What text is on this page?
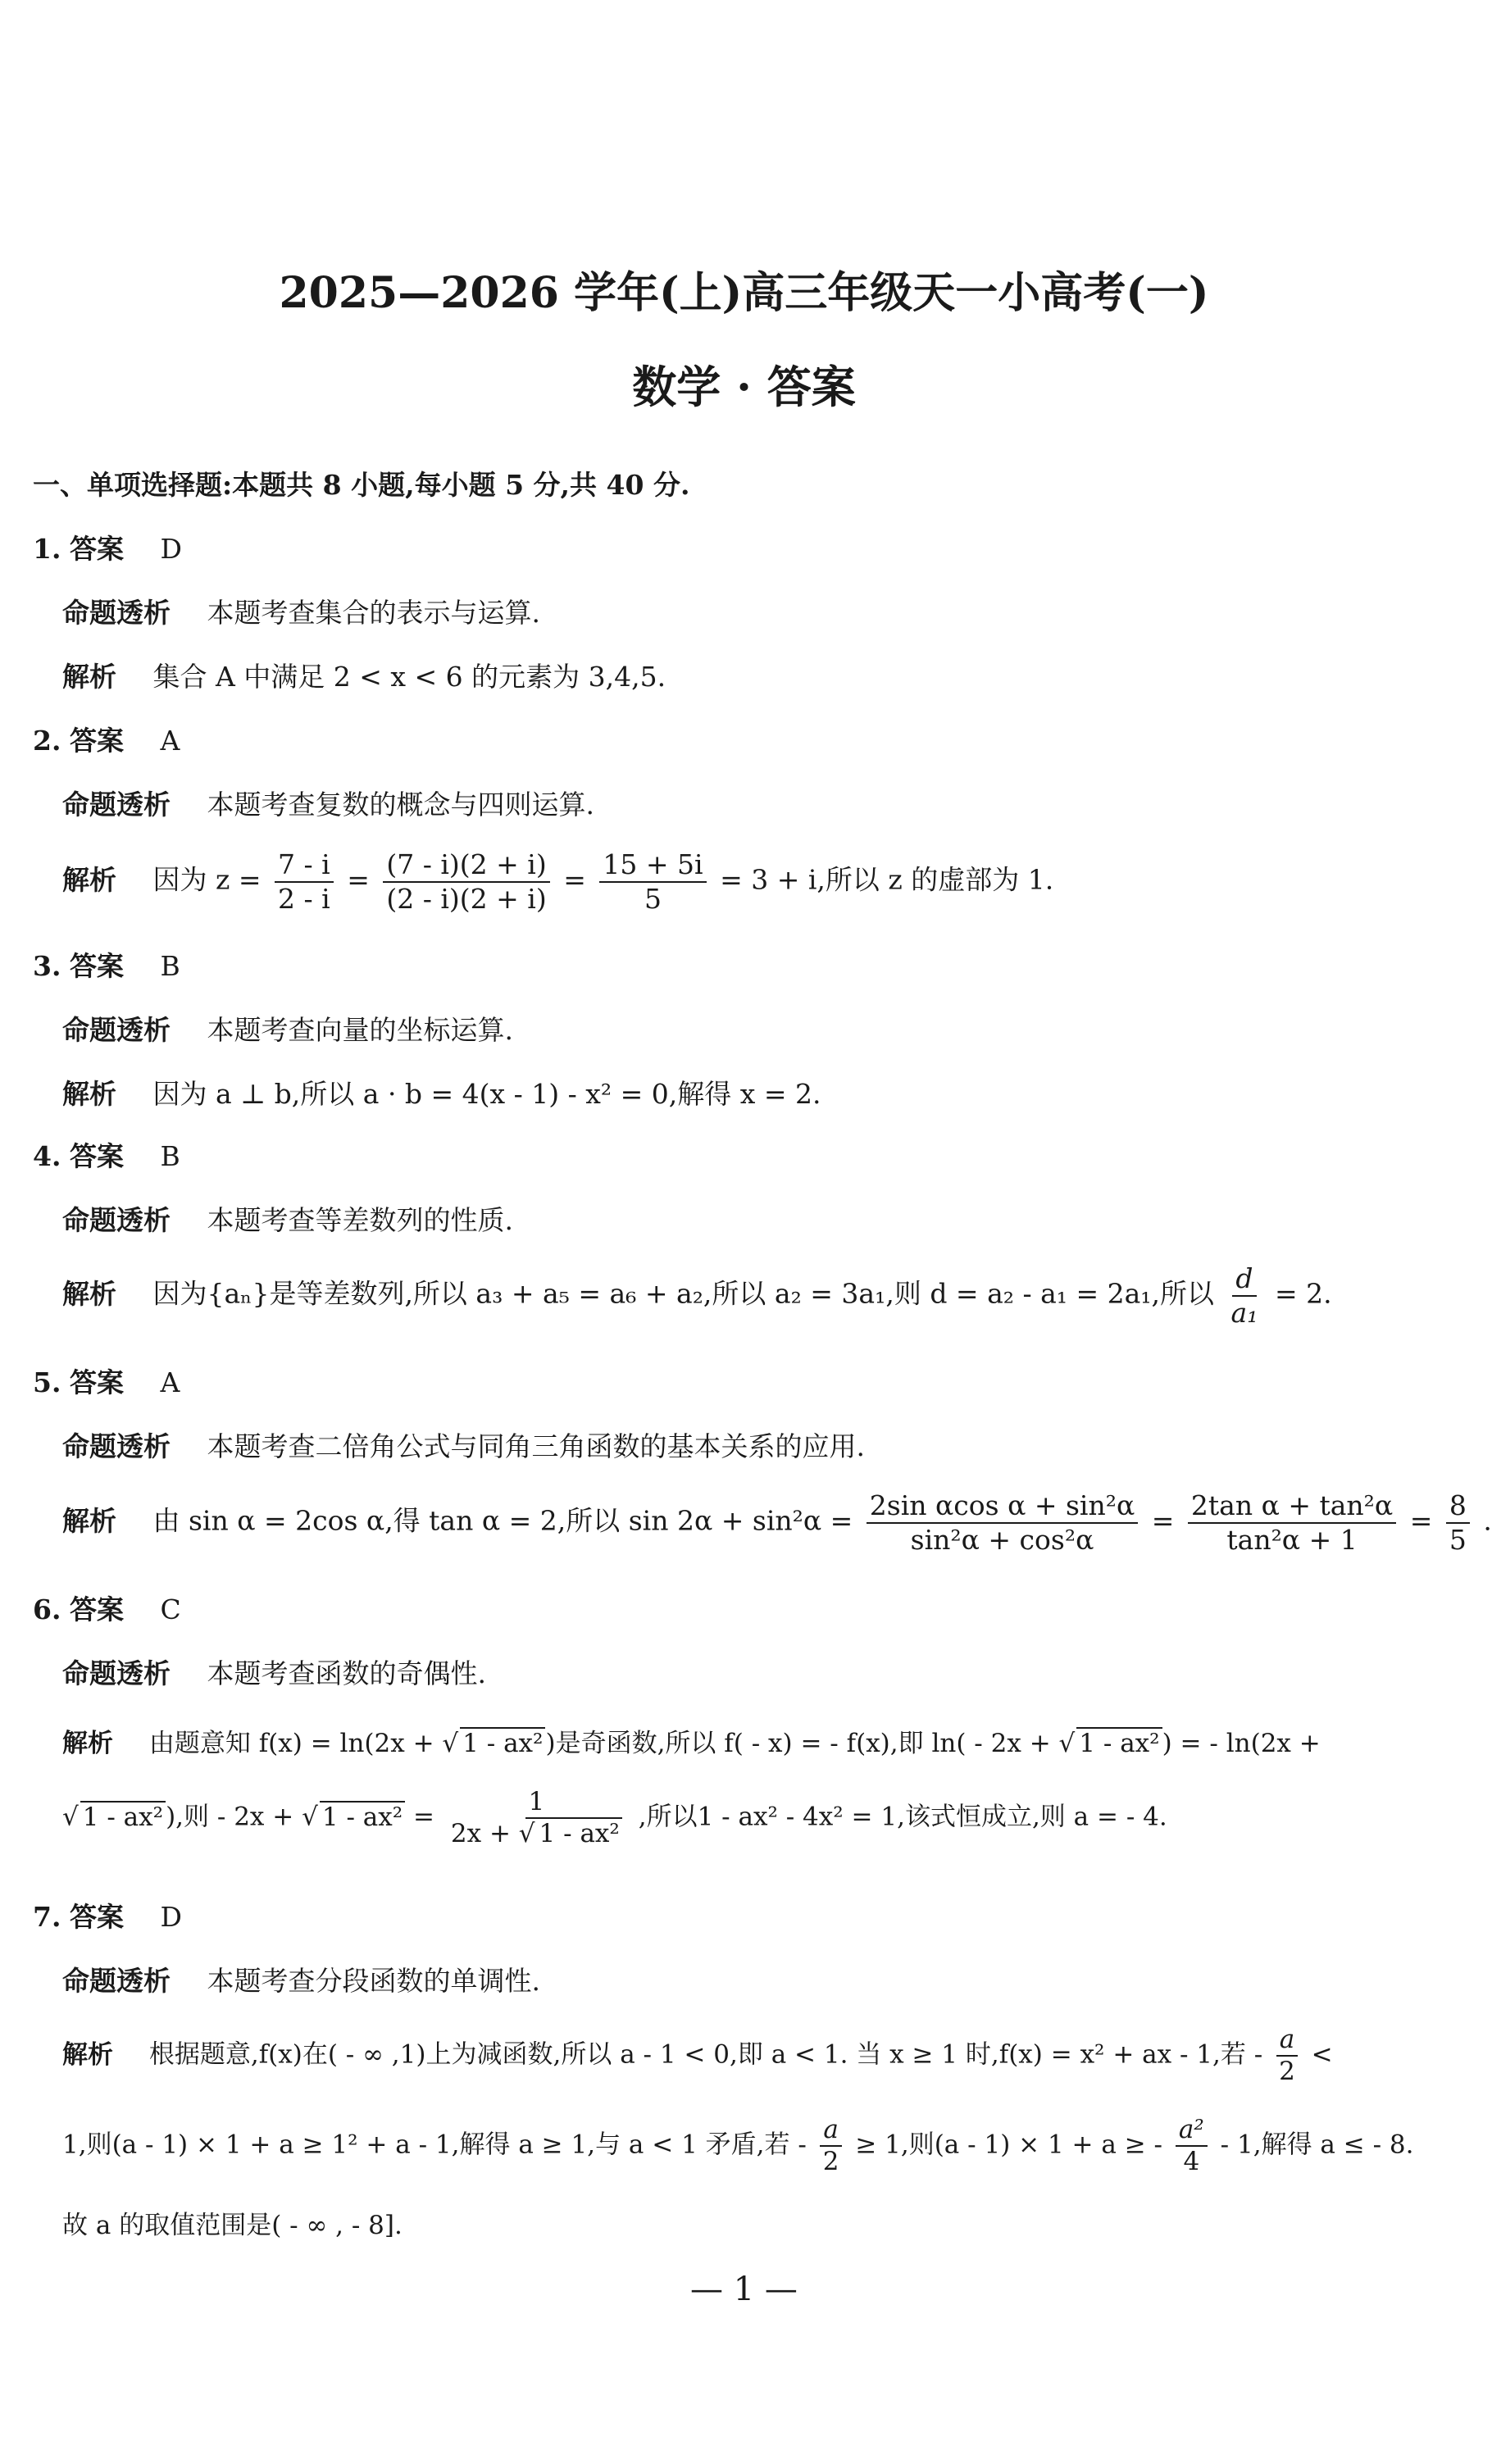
2025—2026 学年(上)高三年级天一小高考(一)
数学 · 答案
一、单项选择题:本题共 8 小题,每小题 5 分,共 40 分.
1. 答案 D
命题透析 本题考查集合的表示与运算.
解析 集合 A 中满足 2 < x < 6 的元素为 3,4,5.
2. 答案 A
命题透析 本题考查复数的概念与四则运算.
解析 因为 $z = \frac{7 - i}{2 - i} = \frac{(7 - i)(2 + i)}{(2 - i)(2 + i)} = \frac{15 + 5i}{5} = 3 + i$,所以 z 的虚部为 1.
3. 答案 B
命题透析 本题考查向量的坐标运算.
解析 因为 a ⊥ b,所以 a · b = 4(x - 1) - x² = 0,解得 x = 2.
4. 答案 B
命题透析 本题考查等差数列的性质.
解析 因为{aₙ}是等差数列,所以 a₃ + a₅ = a₆ + a₂,所以 a₂ = 3a₁,则 d = a₂ - a₁ = 2a₁,所以 $\frac{d}{\text{a₁}} = 2$.
5. 答案 A
命题透析 本题考查二倍角公式与同角三角函数的基本关系的应用.
解析 由 sin α = 2cos α,得 tan α = 2,所以 $\sin 2\alpha + \sin^2\alpha = \frac{\text{2sin αcos α + sin²α}}{\text{sin²α + cos²α}} = \frac{\text{2tan α + tan²α}}{\text{tan²α + 1}} = \frac{8}{5}$ .
6. 答案 C
命题透析 本题考查函数的奇偶性.
解析 由题意知 f(x) = ln(2x + √ 1 - ax²)是奇函数,所以 f( - x) = - f(x),即 ln( - 2x + √ 1 - ax²) = - ln(2x +
√ 1 - ax²),则 - 2x + √ $1 - ax^2 = \frac{1}{\text{2x + √ 1 - ax²}}$ ,所以1 - ax² - 4x² = 1,该式恒成立,则 a = - 4.
7. 答案 D
命题透析 本题考查分段函数的单调性.
解析 根据题意,f(x)在( - ∞ ,1)上为减函数,所以 a - 1 < 0,即 a < 1. 当 x ≥ 1 时,f(x) = x² + ax - 1,若 - $\frac{a}{2}$ <
1,则(a - 1) × 1 + a ≥ 1² + a - 1,解得 a ≥ 1,与 a < 1 矛盾,若 - $\frac{a}{2} \ge 1$,则(a - 1) × 1 + a ≥ - $\frac{\text{a²}}{4} - 1$,解得 a ≤ - 8.
故 a 的取值范围是( - ∞ , - 8].
— 1 —
